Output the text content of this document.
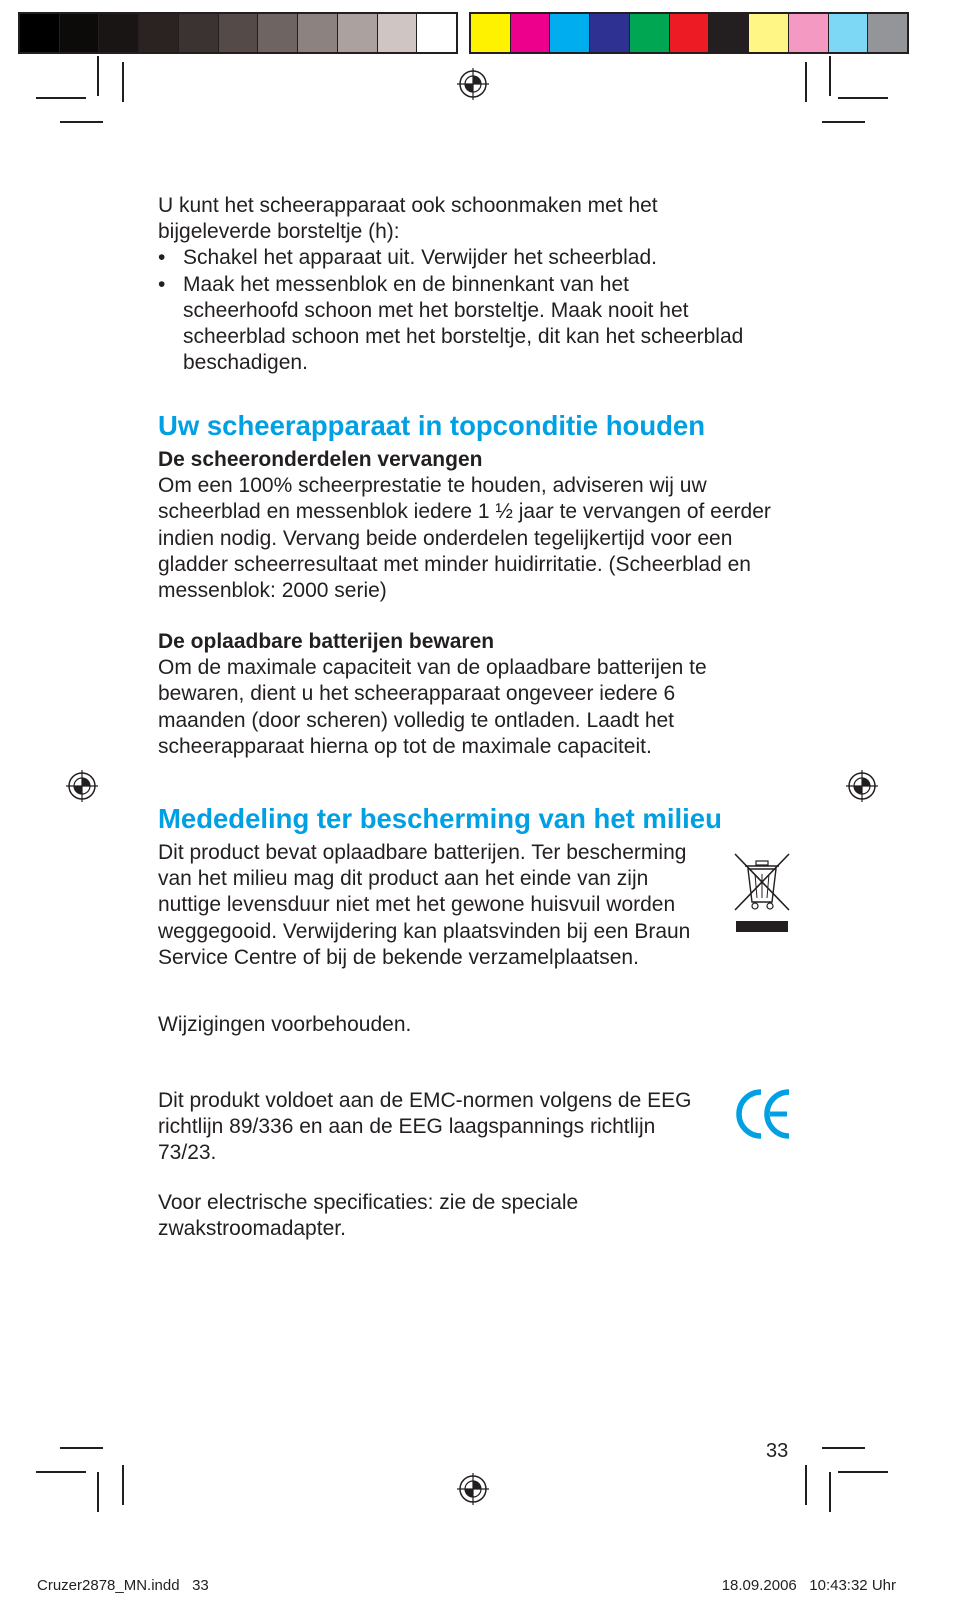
U kunt het scheerapparaat ook schoonmaken met het bijgeleverde borsteltje (h):

• Schakel het apparaat uit. Verwijder het scheerblad.

• Maak het messenblok en de binnenkant van het scheerhoofd schoon met het borsteltje. Maak nooit het scheerblad schoon met het borsteltje, dit kan het scheerblad beschadigen.

Uw scheerapparaat in topconditie houden

De scheeronderdelen vervangen

Om een 100% scheerprestatie te houden, adviseren wij uw scheerblad en messenblok iedere 1 ½ jaar te vervangen of eerder indien nodig. Vervang beide onderdelen tegelijkertijd voor een gladder scheerresultaat met minder huidirritatie. (Scheerblad en messenblok: 2000 serie)

De oplaadbare batterijen bewaren

Om de maximale capaciteit van de oplaadbare batterijen te bewaren, dient u het scheerapparaat ongeveer iedere 6 maanden (door scheren) volledig te ontladen. Laadt het scheerapparaat hierna op tot de maximale capaciteit.

Mededeling ter bescherming van het milieu
Dit product bevat oplaadbare batterijen. Ter bescherming van het milieu mag dit product aan het einde van zijn nuttige levensduur niet met het gewone huisvuil worden weggegooid. Verwijdering kan plaatsvinden bij een Braun Service Centre of bij de bekende verzamelplaatsen.
Wijzigingen voorbehouden.
Dit produkt voldoet aan de EMC-normen volgens de EEG richtlijn 89/336 en aan de EEG laagspannings richtlijn 73/23.
Voor electrische specificaties: zie de speciale zwakstroomadapter.
33
Cruzer2878_MN.indd   33	18.09.2006   10:43:32 Uhr
